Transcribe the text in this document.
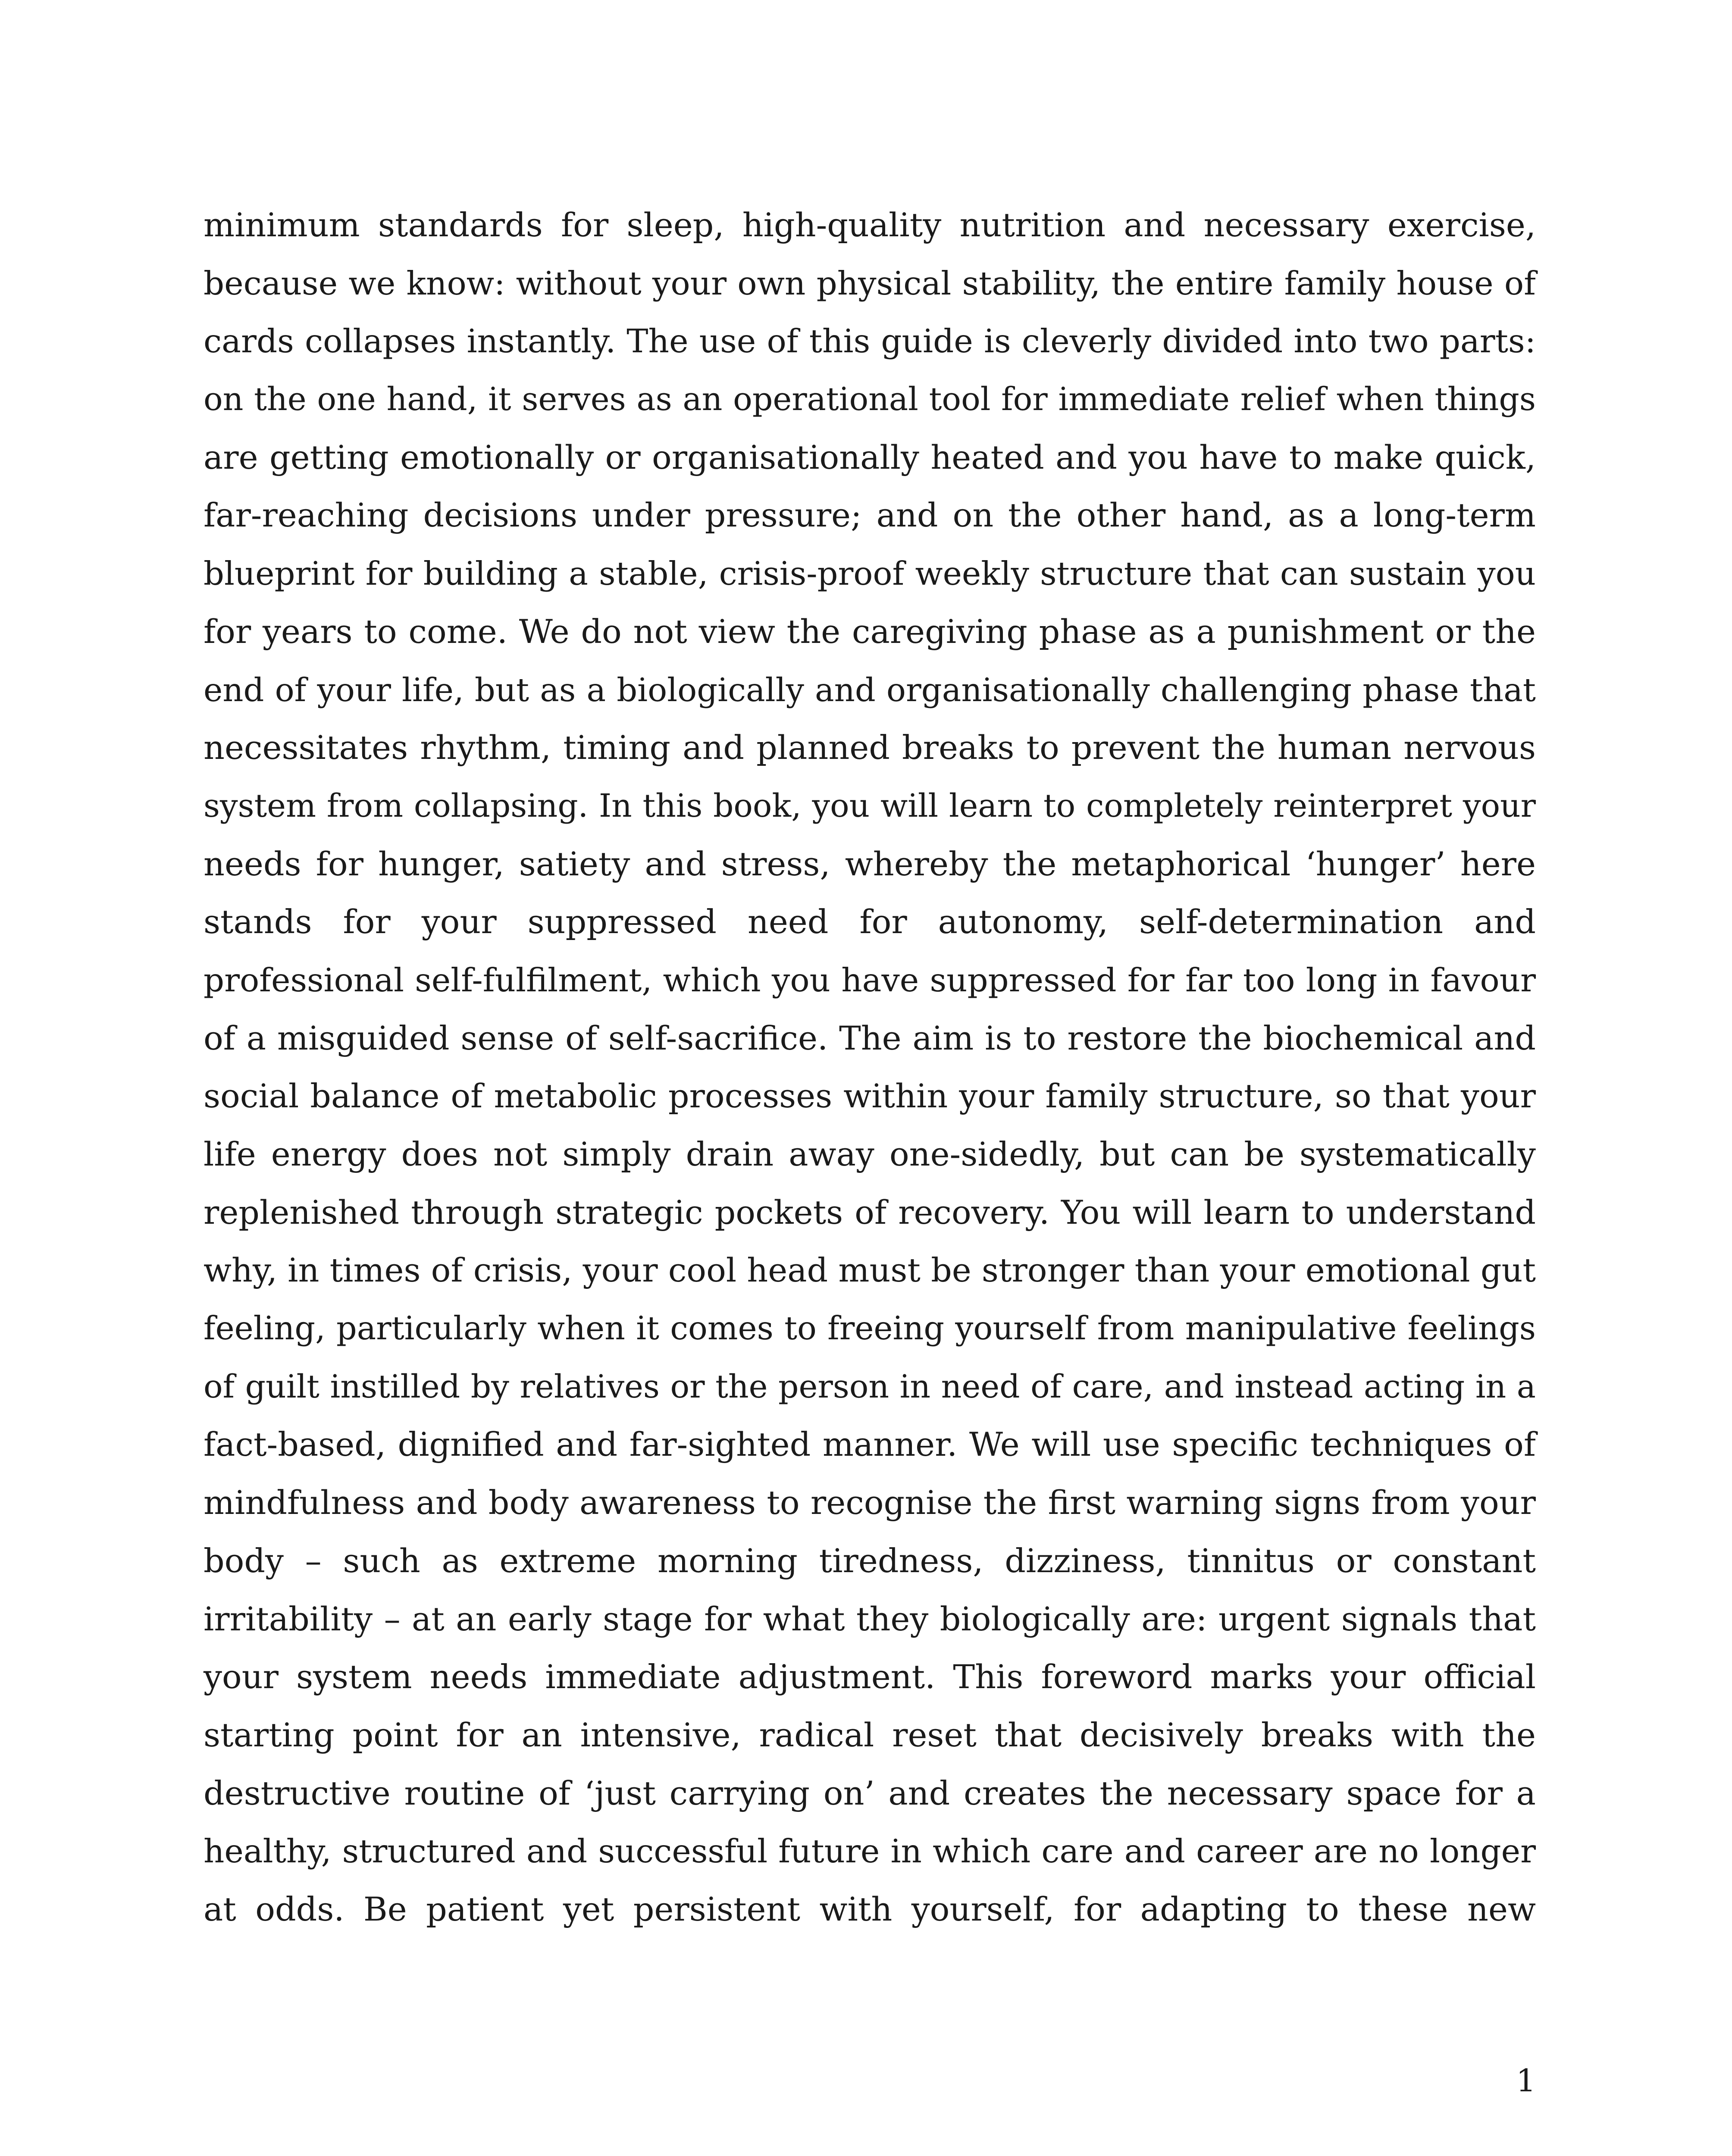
minimum standards for sleep, high-quality nutrition and necessary exercise,
because we know: without your own physical stability, the entire family house of
cards collapses instantly. The use of this guide is cleverly divided into two parts:
on the one hand, it serves as an operational tool for immediate relief when things
are getting emotionally or organisationally heated and you have to make quick,
far-reaching decisions under pressure; and on the other hand, as a long-term
blueprint for building a stable, crisis-proof weekly structure that can sustain you
for years to come. We do not view the caregiving phase as a punishment or the
end of your life, but as a biologically and organisationally challenging phase that
necessitates rhythm, timing and planned breaks to prevent the human nervous
system from collapsing. In this book, you will learn to completely reinterpret your
needs for hunger, satiety and stress, whereby the metaphorical ‘hunger’ here
stands for your suppressed need for autonomy, self-determination and
professional self-fulfilment, which you have suppressed for far too long in favour
of a misguided sense of self-sacrifice. The aim is to restore the biochemical and
social balance of metabolic processes within your family structure, so that your
life energy does not simply drain away one-sidedly, but can be systematically
replenished through strategic pockets of recovery. You will learn to understand
why, in times of crisis, your cool head must be stronger than your emotional gut
feeling, particularly when it comes to freeing yourself from manipulative feelings
of guilt instilled by relatives or the person in need of care, and instead acting in a
fact-based, dignified and far-sighted manner. We will use specific techniques of
mindfulness and body awareness to recognise the first warning signs from your
body – such as extreme morning tiredness, dizziness, tinnitus or constant
irritability – at an early stage for what they biologically are: urgent signals that
your system needs immediate adjustment. This foreword marks your official
starting point for an intensive, radical reset that decisively breaks with the
destructive routine of ‘just carrying on’ and creates the necessary space for a
healthy, structured and successful future in which care and career are no longer
at odds. Be patient yet persistent with yourself, for adapting to these new
1
